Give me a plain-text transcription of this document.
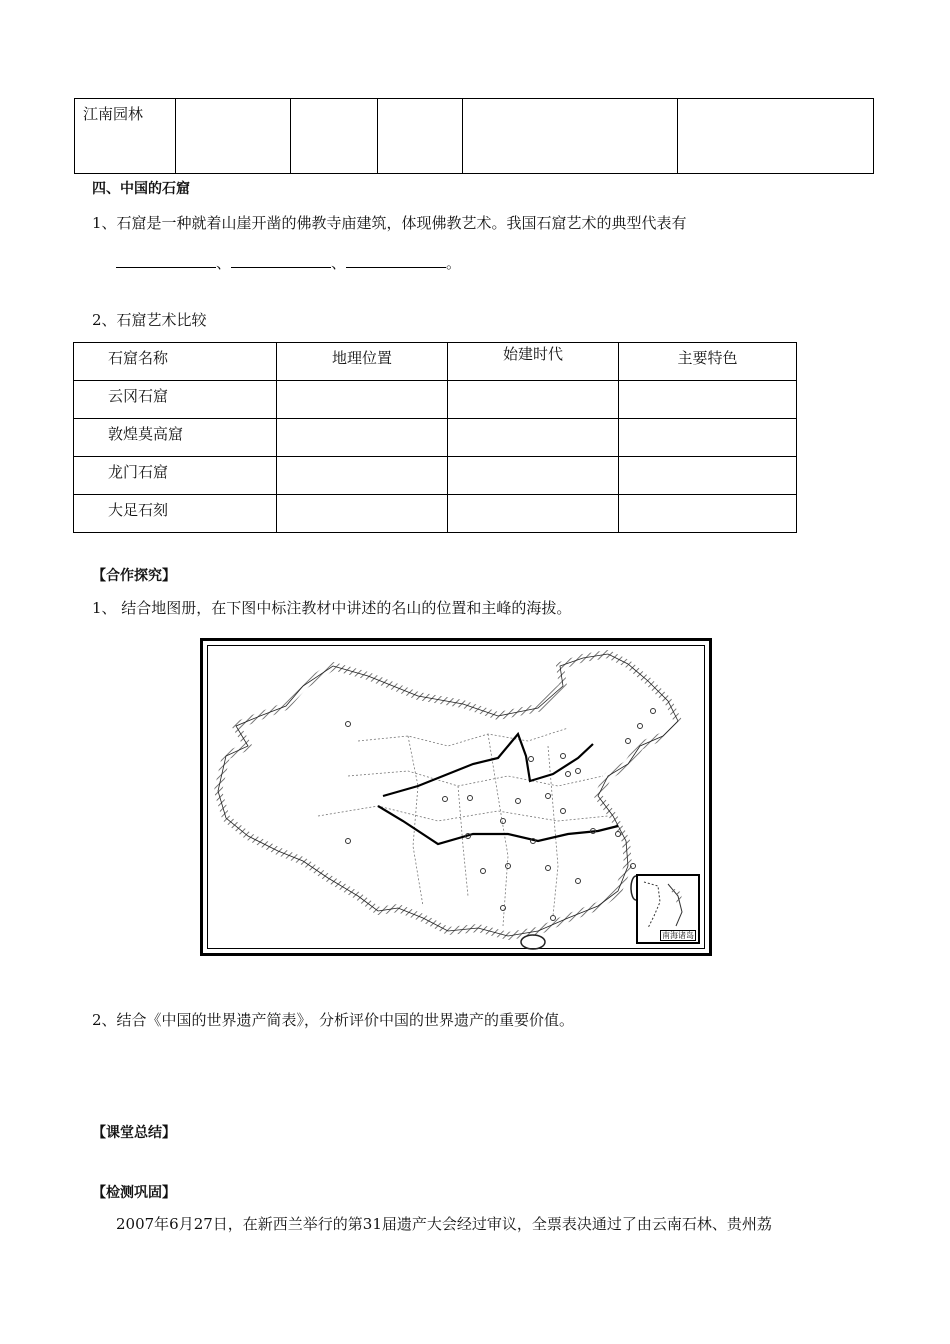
江南园林					
四、中国的石窟
1、石窟是一种就着山崖开凿的佛教寺庙建筑，体现佛教艺术。我国石窟艺术的典型代表有
、	、	。
2、石窟艺术比较
石窟名称	地理位置	始建时代	主要特色
云冈石窟			
敦煌莫高窟			
龙门石窟			
大足石刻			
【合作探究】
1、 结合地图册，在下图中标注教材中讲述的名山的位置和主峰的海拔。
南海诸岛
2、结合《中国的世界遗产简表》，分析评价中国的世界遗产的重要价值。
【课堂总结】
【检测巩固】
2007年6月27日，在新西兰举行的第31届遗产大会经过审议，全票表决通过了由云南石林、贵州荔
